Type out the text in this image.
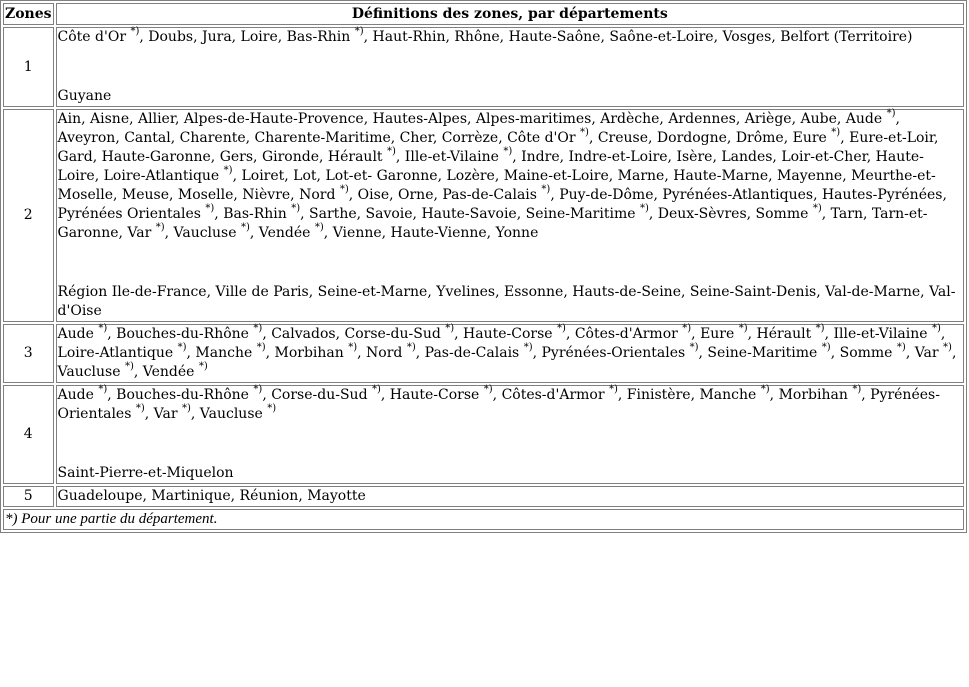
Zones	Définitions des zones, par départements
1	Côte d'Or *), Doubs, Jura, Loire, Bas-Rhin *), Haut-Rhin, Rhône, Haute-Saône, Saône-et-Loire, Vosges, Belfort (Territoire)
Guyane

2	Ain, Aisne, Allier, Alpes-de-Haute-Provence, Hautes-Alpes, Alpes-maritimes, Ardèche, Ardennes, Ariège, Aube, Aude *), Aveyron, Cantal, Charente, Charente-Maritime, Cher, Corrèze, Côte d'Or *), Creuse, Dordogne, Drôme, Eure *), Eure-et-Loir, Gard, Haute-Garonne, Gers, Gironde, Hérault *), Ille-et-Vilaine *), Indre, Indre-et-Loire, Isère, Landes, Loir-et-Cher, Haute-Loire, Loire-Atlantique *), Loiret, Lot, Lot-et- Garonne, Lozère, Maine-et-Loire, Marne, Haute-Marne, Mayenne, Meurthe-et-Moselle, Meuse, Moselle, Nièvre, Nord *), Oise, Orne, Pas-de-Calais *), Puy-de-Dôme, Pyrénées-Atlantiques, Hautes-Pyrénées, Pyrénées Orientales *), Bas-Rhin *), Sarthe, Savoie, Haute-Savoie, Seine-Maritime *), Deux-Sèvres, Somme *), Tarn, Tarn-et-Garonne, Var *), Vaucluse *), Vendée *), Vienne, Haute-Vienne, Yonne
Région Ile-de-France, Ville de Paris, Seine-et-Marne, Yvelines, Essonne, Hauts-de-Seine, Seine-Saint-Denis, Val-de-Marne, Val-d'Oise

3	Aude *), Bouches-du-Rhône *), Calvados, Corse-du-Sud *), Haute-Corse *), Côtes-d'Armor *), Eure *), Hérault *), Ille-et-Vilaine *), Loire-Atlantique *), Manche *), Morbihan *), Nord *), Pas-de-Calais *), Pyrénées-Orientales *), Seine-Maritime *), Somme *), Var *), Vaucluse *), Vendée *)
4	Aude *), Bouches-du-Rhône *), Corse-du-Sud *), Haute-Corse *), Côtes-d'Armor *), Finistère, Manche *), Morbihan *), Pyrénées-Orientales *), Var *), Vaucluse *)
Saint-Pierre-et-Miquelon

5	Guadeloupe, Martinique, Réunion, Mayotte
*) Pour une partie du département.	
